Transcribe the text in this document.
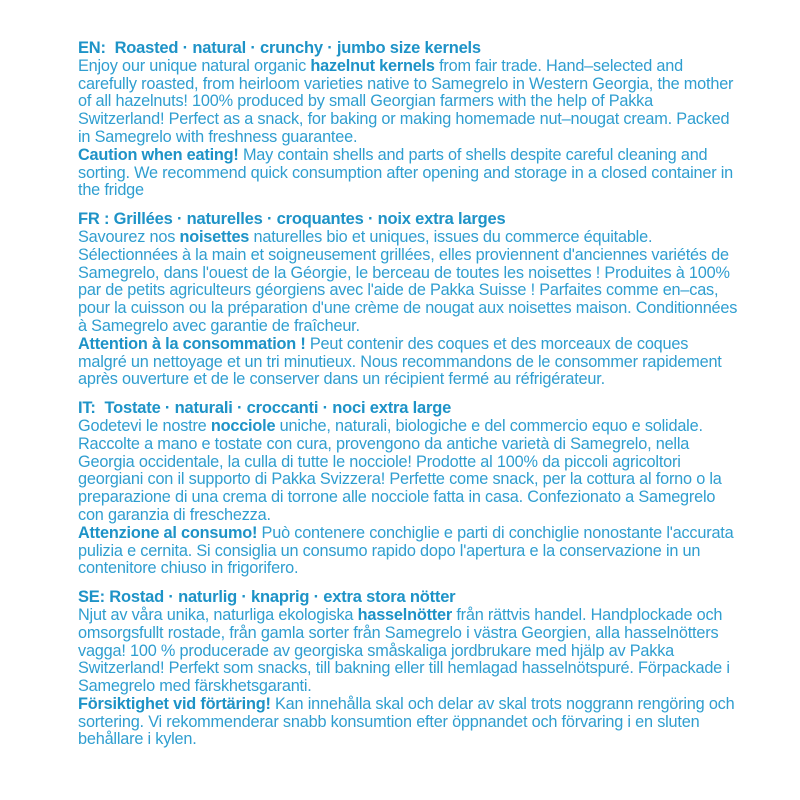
EN:  Roasted · natural · crunchy · jumbo size kernels

Enjoy our unique natural organic hazelnut kernels from fair trade. Hand–selected and carefully roasted, from heirloom varieties native to Samegrelo in Western Georgia, the mother of all hazelnuts! 100% produced by small Georgian farmers with the help of Pakka Switzerland! Perfect as a snack, for baking or making homemade nut–nougat cream. Packed in Samegrelo with freshness guarantee.

Caution when eating! May contain shells and parts of shells despite careful cleaning and sorting. We recommend quick consumption after opening and storage in a closed container in the fridge

FR : Grillées · naturelles · croquantes · noix extra larges

Savourez nos noisettes naturelles bio et uniques, issues du commerce équitable. Sélectionnées à la main et soigneusement grillées, elles proviennent d'anciennes variétés de Samegrelo, dans l'ouest de la Géorgie, le berceau de toutes les noisettes ! Produites à 100% par de petits agriculteurs géorgiens avec l'aide de Pakka Suisse ! Parfaites comme en–cas, pour la cuisson ou la préparation d'une crème de nougat aux noisettes maison. Conditionnées à Samegrelo avec garantie de fraîcheur.

Attention à la consommation ! Peut contenir des coques et des morceaux de coques malgré un nettoyage et un tri minutieux. Nous recommandons de le consommer rapidement après ouverture et de le conserver dans un récipient fermé au réfrigérateur.

IT:  Tostate · naturali · croccanti · noci extra large

Godetevi le nostre nocciole uniche, naturali, biologiche e del commercio equo e solidale. Raccolte a mano e tostate con cura, provengono da antiche varietà di Samegrelo, nella Georgia occidentale, la culla di tutte le nocciole! Prodotte al 100% da piccoli agricoltori georgiani con il supporto di Pakka Svizzera! Perfette come snack, per la cottura al forno o la preparazione di una crema di torrone alle nocciole fatta in casa. Confezionato a Samegrelo con garanzia di freschezza.

Attenzione al consumo! Può contenere conchiglie e parti di conchiglie nonostante l'accurata pulizia e cernita. Si consiglia un consumo rapido dopo l'apertura e la conservazione in un contenitore chiuso in frigorifero.

SE: Rostad · naturlig · knaprig · extra stora nötter

Njut av våra unika, naturliga ekologiska hasselnötter från rättvis handel. Handplockade och omsorgsfullt rostade, från gamla sorter från Samegrelo i västra Georgien, alla hasselnötters vagga! 100 % producerade av georgiska småskaliga jordbrukare med hjälp av Pakka Switzerland! Perfekt som snacks, till bakning eller till hemlagad hasselnötspuré. Förpackade i Samegrelo med färskhetsgaranti.

Försiktighet vid förtäring! Kan innehålla skal och delar av skal trots noggrann rengöring och sortering. Vi rekommenderar snabb konsumtion efter öppnandet och förvaring i en sluten behållare i kylen.
